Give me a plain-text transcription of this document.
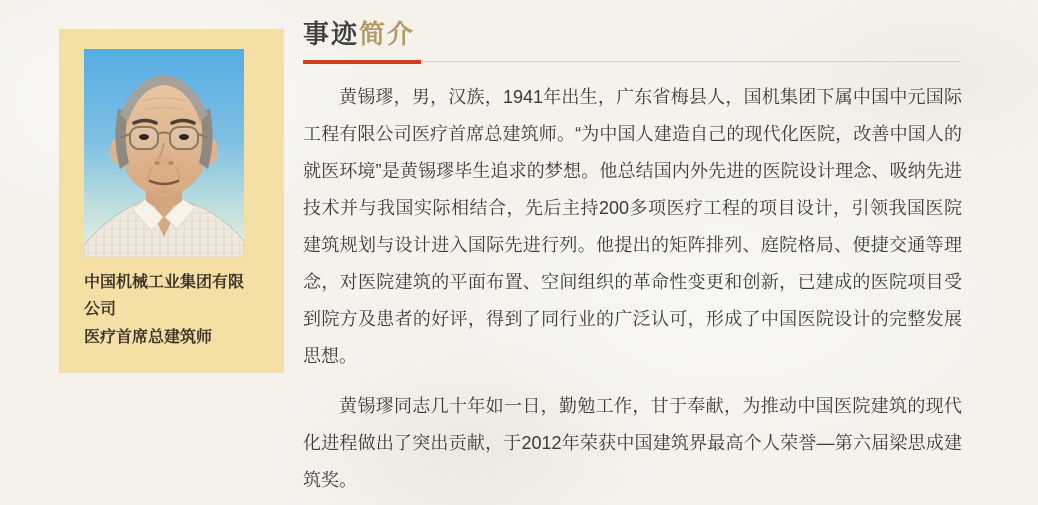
中国机械工业集团有限公司
医疗首席总建筑师
事迹简介

黄锡璆，男，汉族，1941年出生，广东省梅县人，国机集团下属中国中元国际工程有限公司医疗首席总建筑师。“为中国人建造自己的现代化医院，改善中国人的就医环境”是黄锡璆毕生追求的梦想。他总结国内外先进的医院设计理念、吸纳先进技术并与我国实际相结合，先后主持200多项医疗工程的项目设计，引领我国医院建筑规划与设计进入国际先进行列。他提出的矩阵排列、庭院格局、便捷交通等理念，对医院建筑的平面布置、空间组织的革命性变更和创新，已建成的医院项目受到院方及患者的好评，得到了同行业的广泛认可，形成了中国医院设计的完整发展思想。

黄锡璆同志几十年如一日，勤勉工作，甘于奉献，为推动中国医院建筑的现代化进程做出了突出贡献，于2012年荣获中国建筑界最高个人荣誉—第六届梁思成建筑奖。
